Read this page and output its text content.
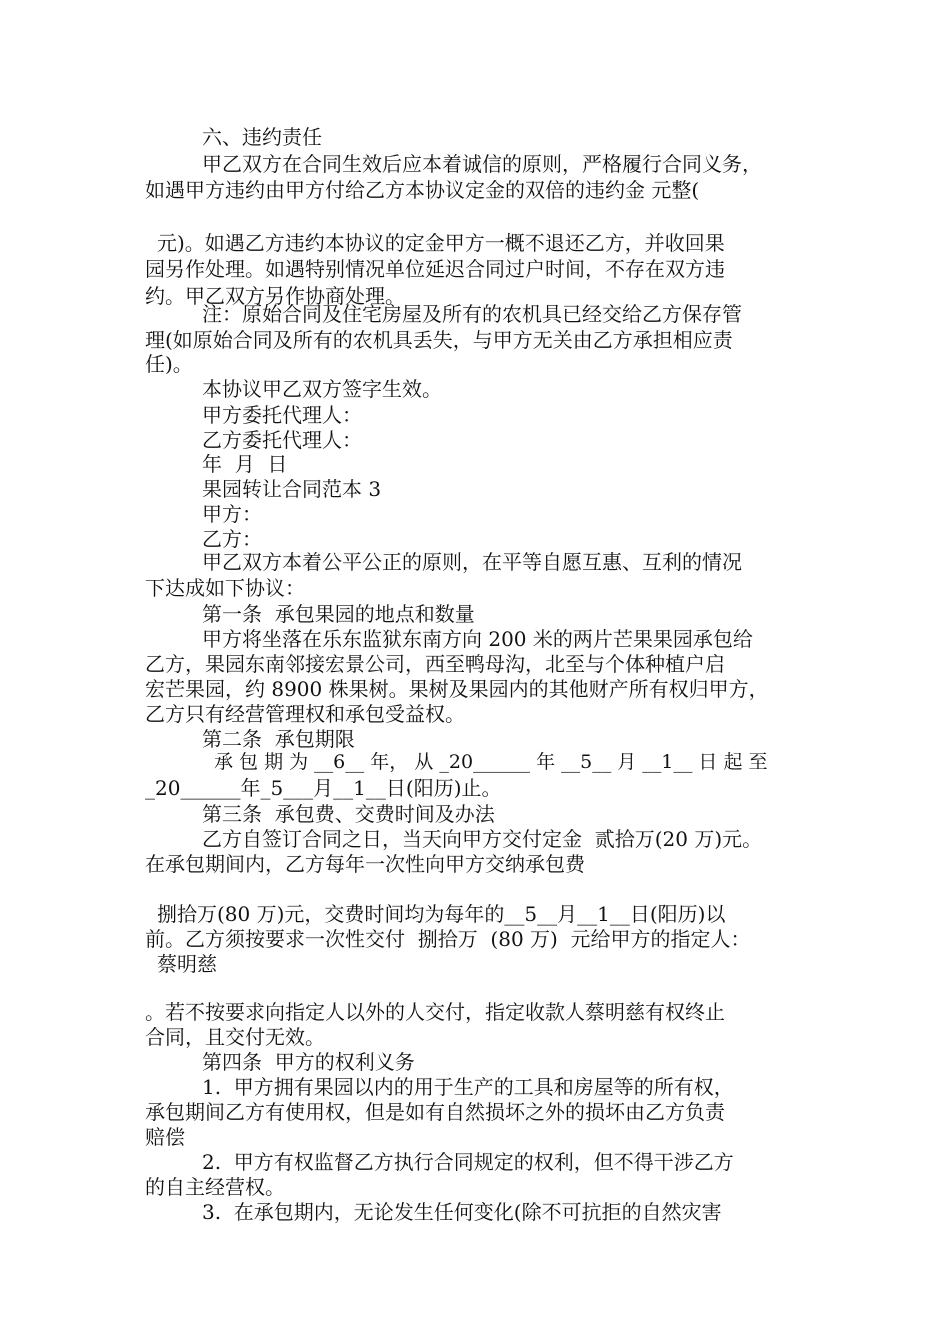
六、违约责任
甲乙双方在合同生效后应本着诚信的原则，严格履行合同义务，
如遇甲方违约由甲方付给乙方本协议定金的双倍的违约金 元整(
元)。如遇乙方违约本协议的定金甲方一概不退还乙方，并收回果
园另作处理。如遇特别情况单位延迟合同过户时间，不存在双方违
约。甲乙双方另作协商处理。
注：原始合同及住宅房屋及所有的农机具已经交给乙方保存管
理(如原始合同及所有的农机具丢失，与甲方无关由乙方承担相应责
任)。
本协议甲乙双方签字生效。
甲方委托代理人：
乙方委托代理人：
年  月  日
果园转让合同范本 3
甲方：
乙方：
甲乙双方本着公平公正的原则，在平等自愿互惠、互利的情况
下达成如下协议：
第一条  承包果园的地点和数量
甲方将坐落在乐东监狱东南方向 200 米的两片芒果果园承包给
乙方，果园东南邻接宏景公司，西至鸭母沟，北至与个体种植户启
宏芒果园，约 8900 株果树。果树及果园内的其他财产所有权归甲方，
乙方只有经营管理权和承包受益权。
第二条  承包期限
承 包 期 为 __6__ 年， 从 _20______ 年 __5__ 月 __1__ 日 起 至
_20______年_5___月__1__日(阳历)止。
第三条  承包费、交费时间及办法
乙方自签订合同之日，当天向甲方交付定金  贰拾万(20 万)元。
在承包期间内，乙方每年一次性向甲方交纳承包费
捌拾万(80 万)元，交费时间均为每年的__5__月__1__日(阳历)以
前。乙方须按要求一次性交付  捌拾万  (80 万)  元给甲方的指定人：
蔡明慈
。若不按要求向指定人以外的人交付，指定收款人蔡明慈有权终止
合同，且交付无效。
第四条  甲方的权利义务
1.  甲方拥有果园以内的用于生产的工具和房屋等的所有权，
承包期间乙方有使用权，但是如有自然损坏之外的损坏由乙方负责
赔偿
2.  甲方有权监督乙方执行合同规定的权利，但不得干涉乙方
的自主经营权。
3.  在承包期内，无论发生任何变化(除不可抗拒的自然灾害
